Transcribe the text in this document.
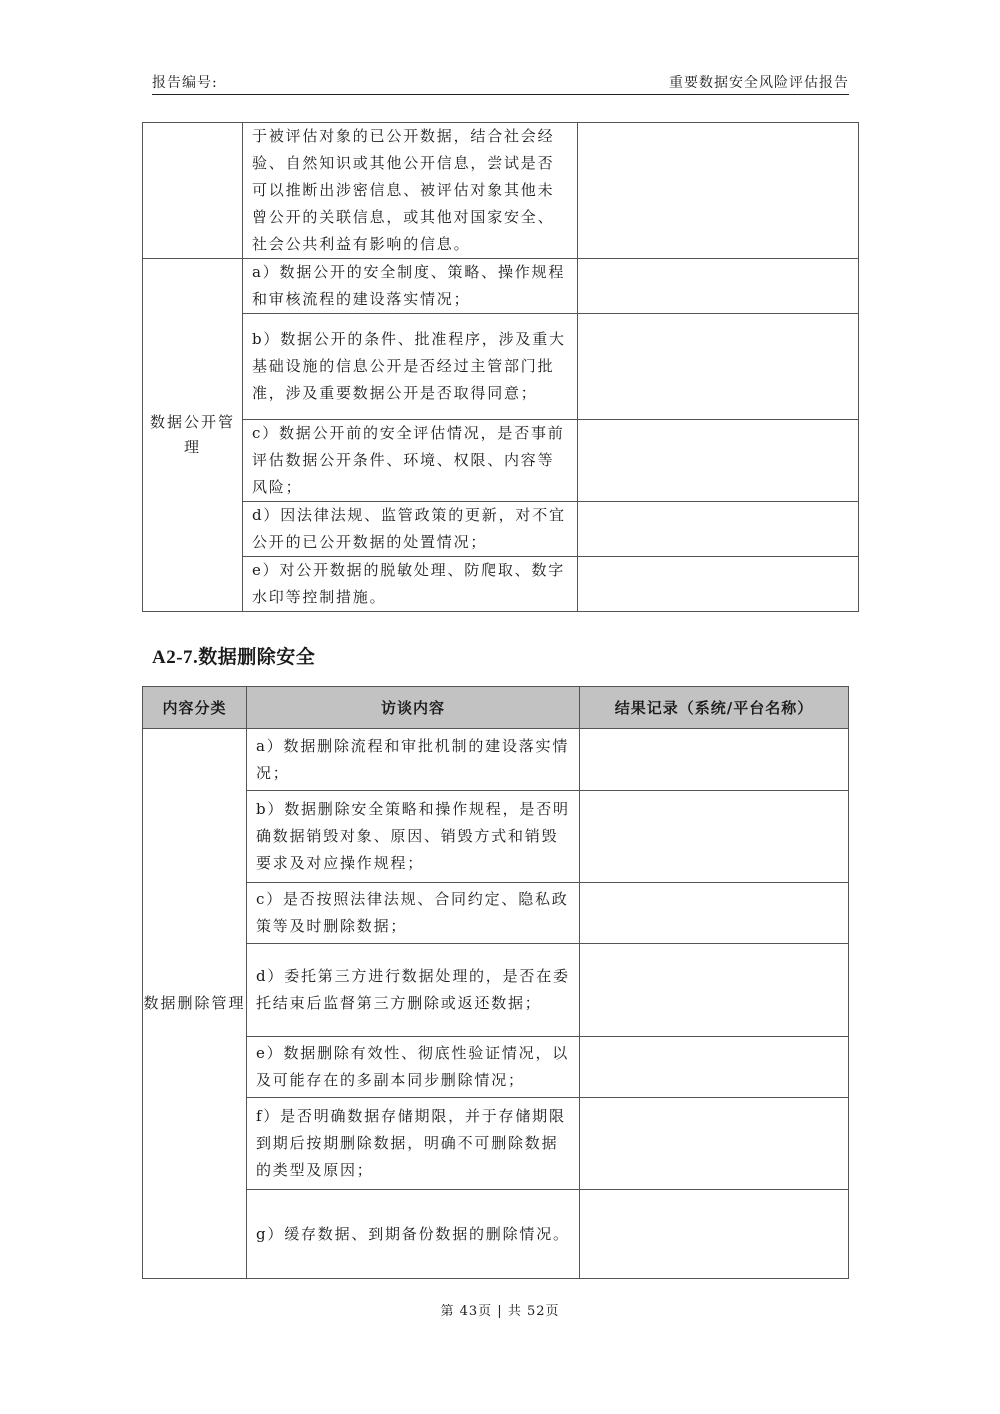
报告编号:	重要数据安全风险评估报告
	于被评估对象的已公开数据，结合社会经验、自然知识或其他公开信息，尝试是否可以推断出涉密信息、被评估对象其他未曾公开的关联信息，或其他对国家安全、社会公共利益有影响的信息。	
数据公开管理	a）数据公开的安全制度、策略、操作规程和审核流程的建设落实情况；	
	b）数据公开的条件、批准程序，涉及重大基础设施的信息公开是否经过主管部门批准，涉及重要数据公开是否取得同意；	
	c）数据公开前的安全评估情况，是否事前评估数据公开条件、环境、权限、内容等风险；	
	d）因法律法规、监管政策的更新，对不宜公开的已公开数据的处置情况；	
	e）对公开数据的脱敏处理、防爬取、数字水印等控制措施。	
A2-7.数据删除安全
内容分类	访谈内容	结果记录（系统/平台名称）
数据删除管理	a）数据删除流程和审批机制的建设落实情况；	
	b）数据删除安全策略和操作规程，是否明确数据销毁对象、原因、销毁方式和销毁要求及对应操作规程；	
	c）是否按照法律法规、合同约定、隐私政策等及时删除数据；	
	d）委托第三方进行数据处理的，是否在委托结束后监督第三方删除或返还数据；	
	e）数据删除有效性、彻底性验证情况，以及可能存在的多副本同步删除情况；	
	f）是否明确数据存储期限，并于存储期限到期后按期删除数据，明确不可删除数据的类型及原因；	
	g）缓存数据、到期备份数据的删除情况。	
第 43页 | 共 52页
